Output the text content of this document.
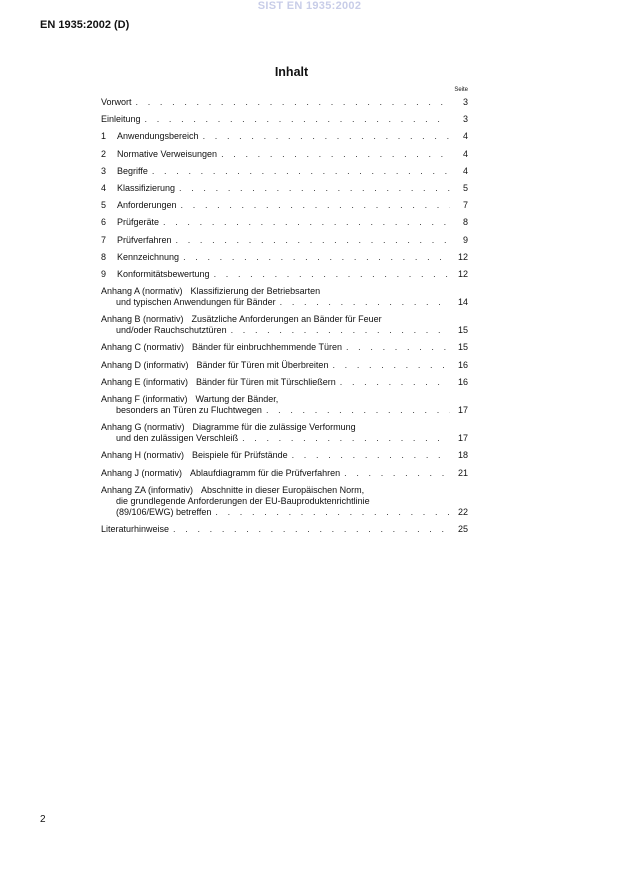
SIST EN 1935:2002
EN 1935:2002 (D)
Inhalt
Seite
Vorwort . . .	3
Einleitung . . .	3
1	Anwendungsbereich . . .	4
2	Normative Verweisungen . . .	4
3	Begriffe . . .	4
4	Klassifizierung . . .	5
5	Anforderungen . . .	7
6	Prüfgeräte . . .	8
7	Prüfverfahren . . .	9
8	Kennzeichnung . . .	12
9	Konformitätsbewertung . . .	12
Anhang A (normativ) Klassifizierung der Betriebsarten
und typischen Anwendungen für Bänder . . .	14
Anhang B (normativ) Zusätzliche Anforderungen an Bänder für Feuer
und/oder Rauchschutztüren . . .	15
Anhang C (normativ) Bänder für einbruchhemmende Türen . . .	15
Anhang D (informativ) Bänder für Türen mit Überbreiten . . .	16
Anhang E (informativ) Bänder für Türen mit Türschließern . . .	16
Anhang F (informativ) Wartung der Bänder,
besonders an Türen zu Fluchtwegen . . .	17
Anhang G (normativ) Diagramme für die zulässige Verformung
und den zulässigen Verschleiß . . .	17
Anhang H (normativ) Beispiele für Prüfstände . . .	18
Anhang J (normativ) Ablaufdiagramm für die Prüfverfahren . . .	21
Anhang ZA (informativ) Abschnitte in dieser Europäischen Norm,
die grundlegende Anforderungen der EU-Bauproduktenrichtlinie
(89/106/EWG) betreffen . . .	22
Literaturhinweise . . .	25
2
